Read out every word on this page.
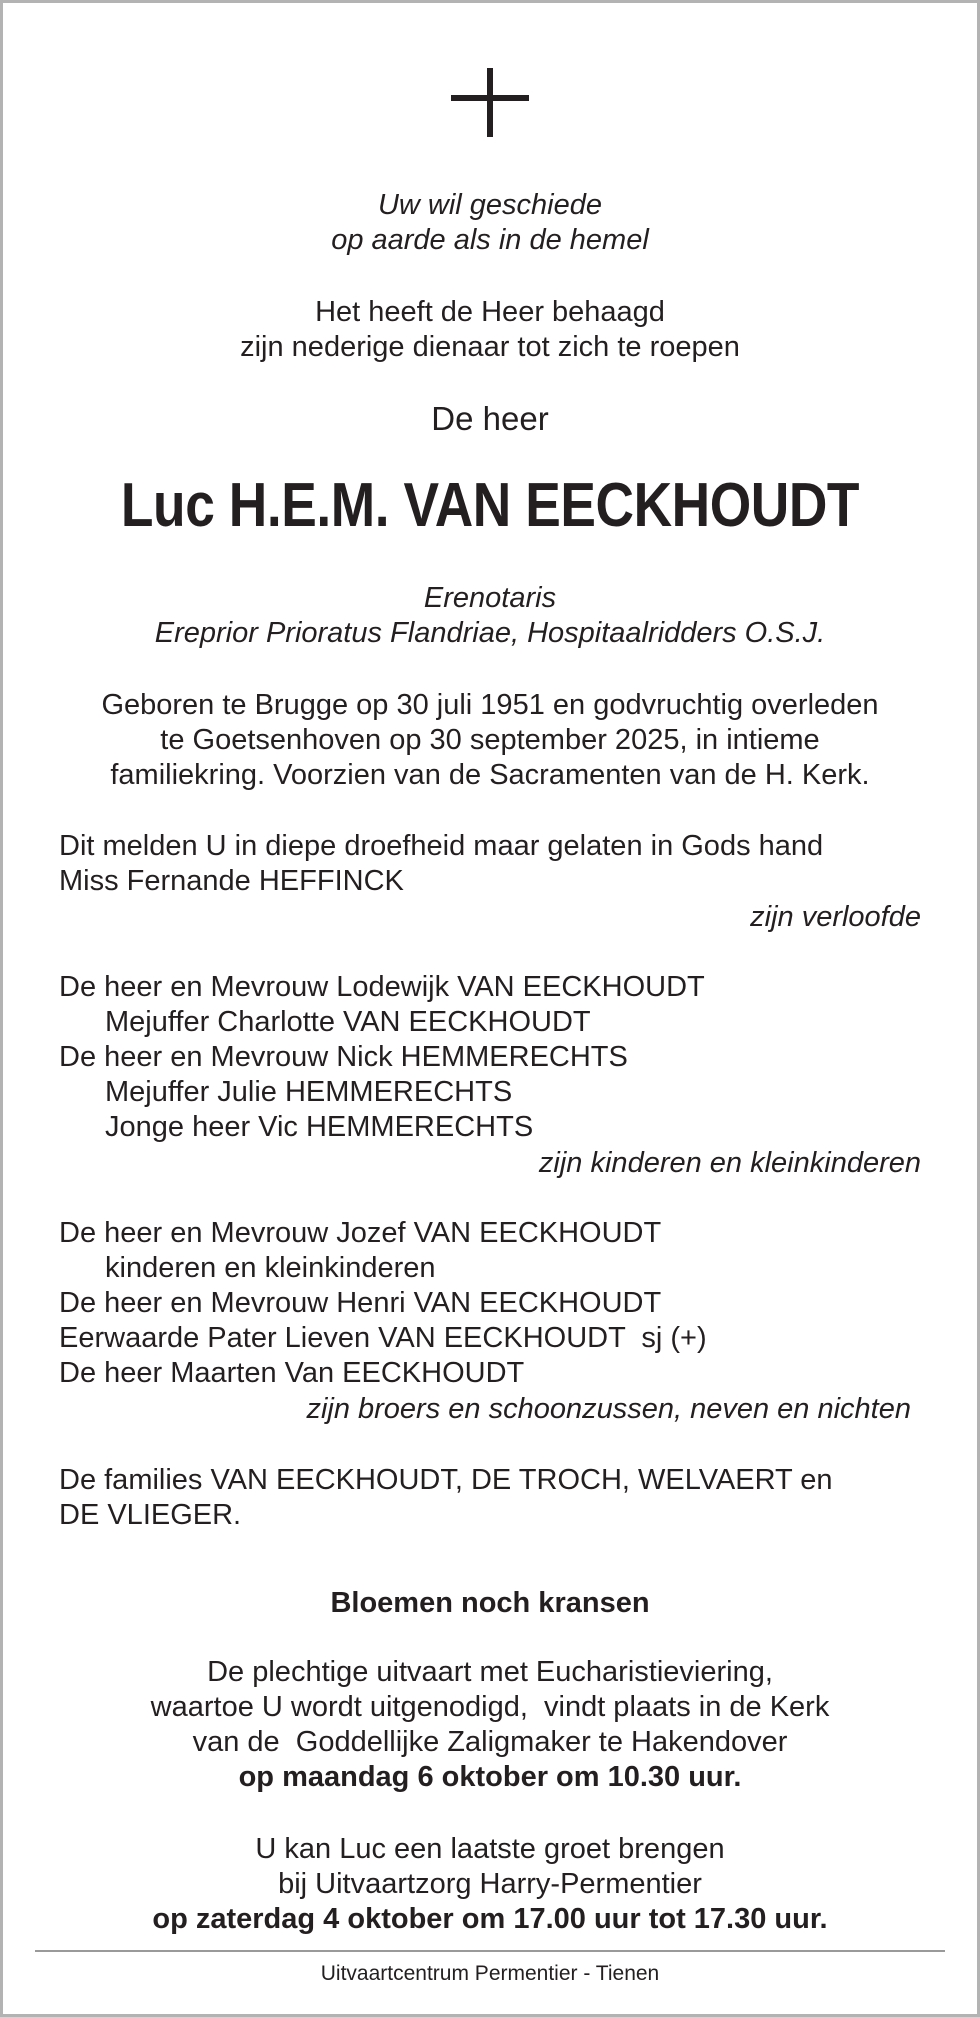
Uw wil geschiede
op aarde als in de hemel
Het heeft de Heer behaagd
zijn nederige dienaar tot zich te roepen
De heer
Luc H.E.M. VAN EECKHOUDT
Erenotaris
Ereprior Prioratus Flandriae, Hospitaalridders O.S.J.
Geboren te Brugge op 30 juli 1951 en godvruchtig overleden
te Goetsenhoven op 30 september 2025, in intieme
familiekring. Voorzien van de Sacramenten van de H. Kerk.
Dit melden U in diepe droefheid maar gelaten in Gods hand
Miss Fernande HEFFINCK
zijn verloofde
De heer en Mevrouw Lodewijk VAN EECKHOUDT
Mejuffer Charlotte VAN EECKHOUDT
De heer en Mevrouw Nick HEMMERECHTS
Mejuffer Julie HEMMERECHTS
Jonge heer Vic HEMMERECHTS
zijn kinderen en kleinkinderen
De heer en Mevrouw Jozef VAN EECKHOUDT
kinderen en kleinkinderen
De heer en Mevrouw Henri VAN EECKHOUDT
Eerwaarde Pater Lieven VAN EECKHOUDT  sj (+)
De heer Maarten Van EECKHOUDT
zijn broers en schoonzussen, neven en nichten
De families VAN EECKHOUDT, DE TROCH, WELVAERT en
DE VLIEGER.
Bloemen noch kransen
De plechtige uitvaart met Eucharistieviering,
waartoe U wordt uitgenodigd,  vindt plaats in de Kerk
van de  Goddellijke Zaligmaker te Hakendover
op maandag 6 oktober om 10.30 uur.
U kan Luc een laatste groet brengen
bij Uitvaartzorg Harry-Permentier
op zaterdag 4 oktober om 17.00 uur tot 17.30 uur.
Uitvaartcentrum Permentier - Tienen
